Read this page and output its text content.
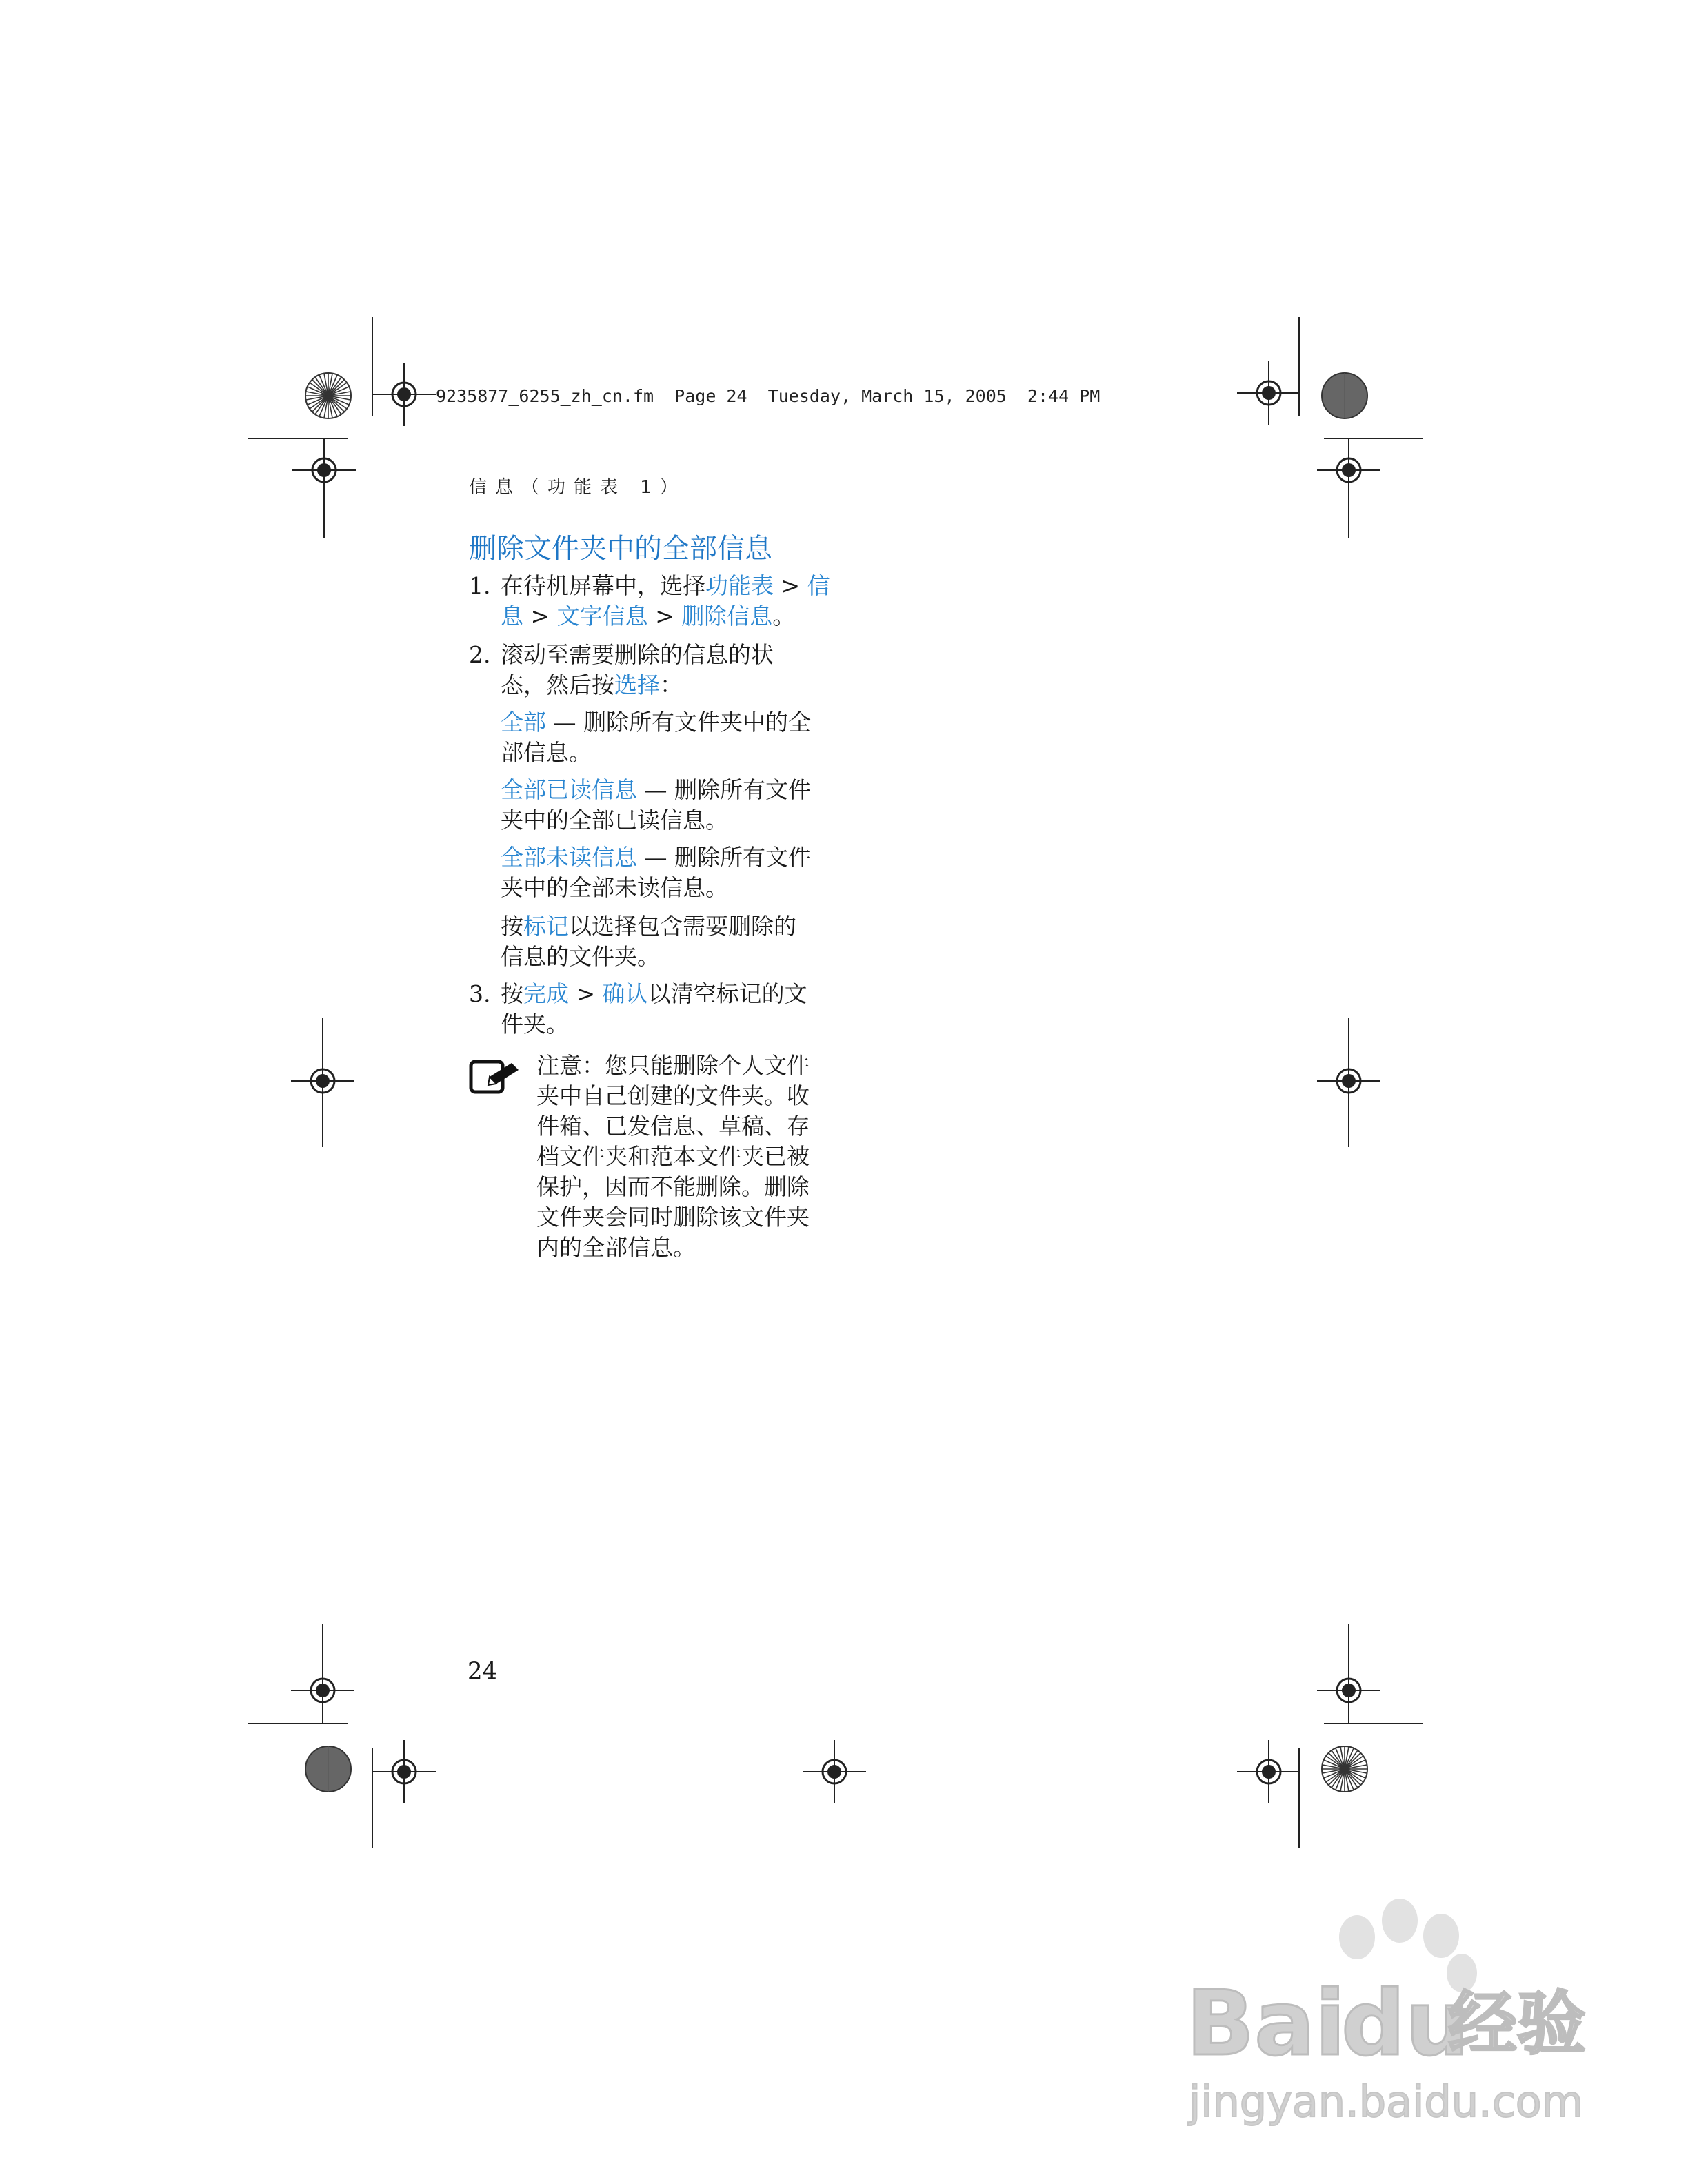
9235877_6255_zh_cn.fm  Page 24  Tuesday, March 15, 2005  2:44 PM
信息（功能表 1）
删除文件夹中的全部信息
1. 在待机屏幕中，选择功能表 > 信息 > 文字信息 > 删除信息。
2. 滚动至需要删除的信息的状态，然后按选择：
全部 — 删除所有文件夹中的全部信息。
全部已读信息 — 删除所有文件夹中的全部已读信息。
全部未读信息 — 删除所有文件夹中的全部未读信息。
按标记以选择包含需要删除的信息的文件夹。
3. 按完成 > 确认以清空标记的文件夹。
注意：您只能删除个人文件夹中自己创建的文件夹。收件箱、已发信息、草稿、存档文件夹和范本文件夹已被保护，因而不能删除。删除文件夹会同时删除该文件夹内的全部信息。
24
Bai
du
经验
jingyan.baidu.com
